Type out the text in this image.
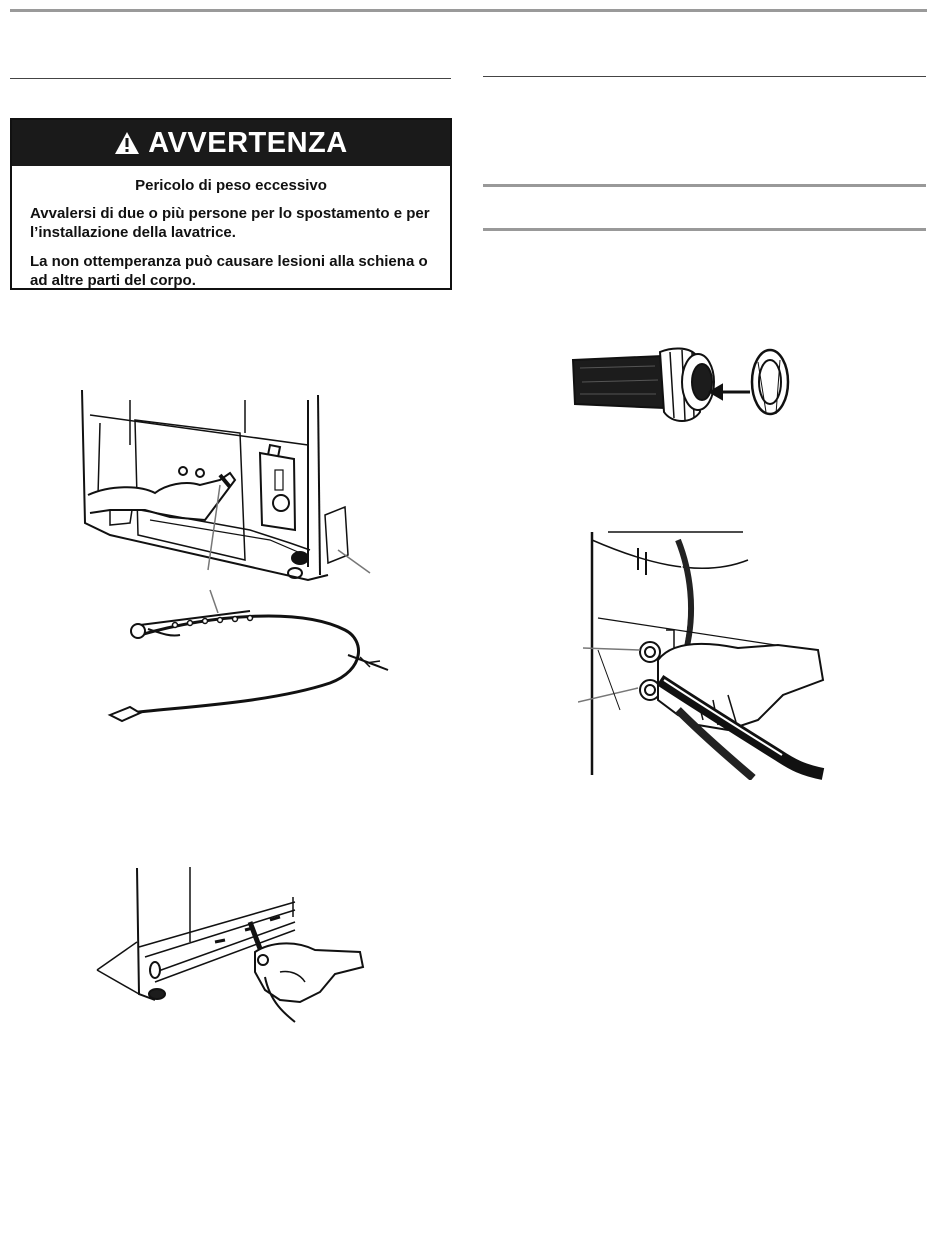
AVVERTENZA
Pericolo di peso eccessivo

Avvalersi di due o più persone per lo spostamento e per l’installazione della lavatrice.

La non ottemperanza può causare lesioni alla schiena o ad altre parti del corpo.
